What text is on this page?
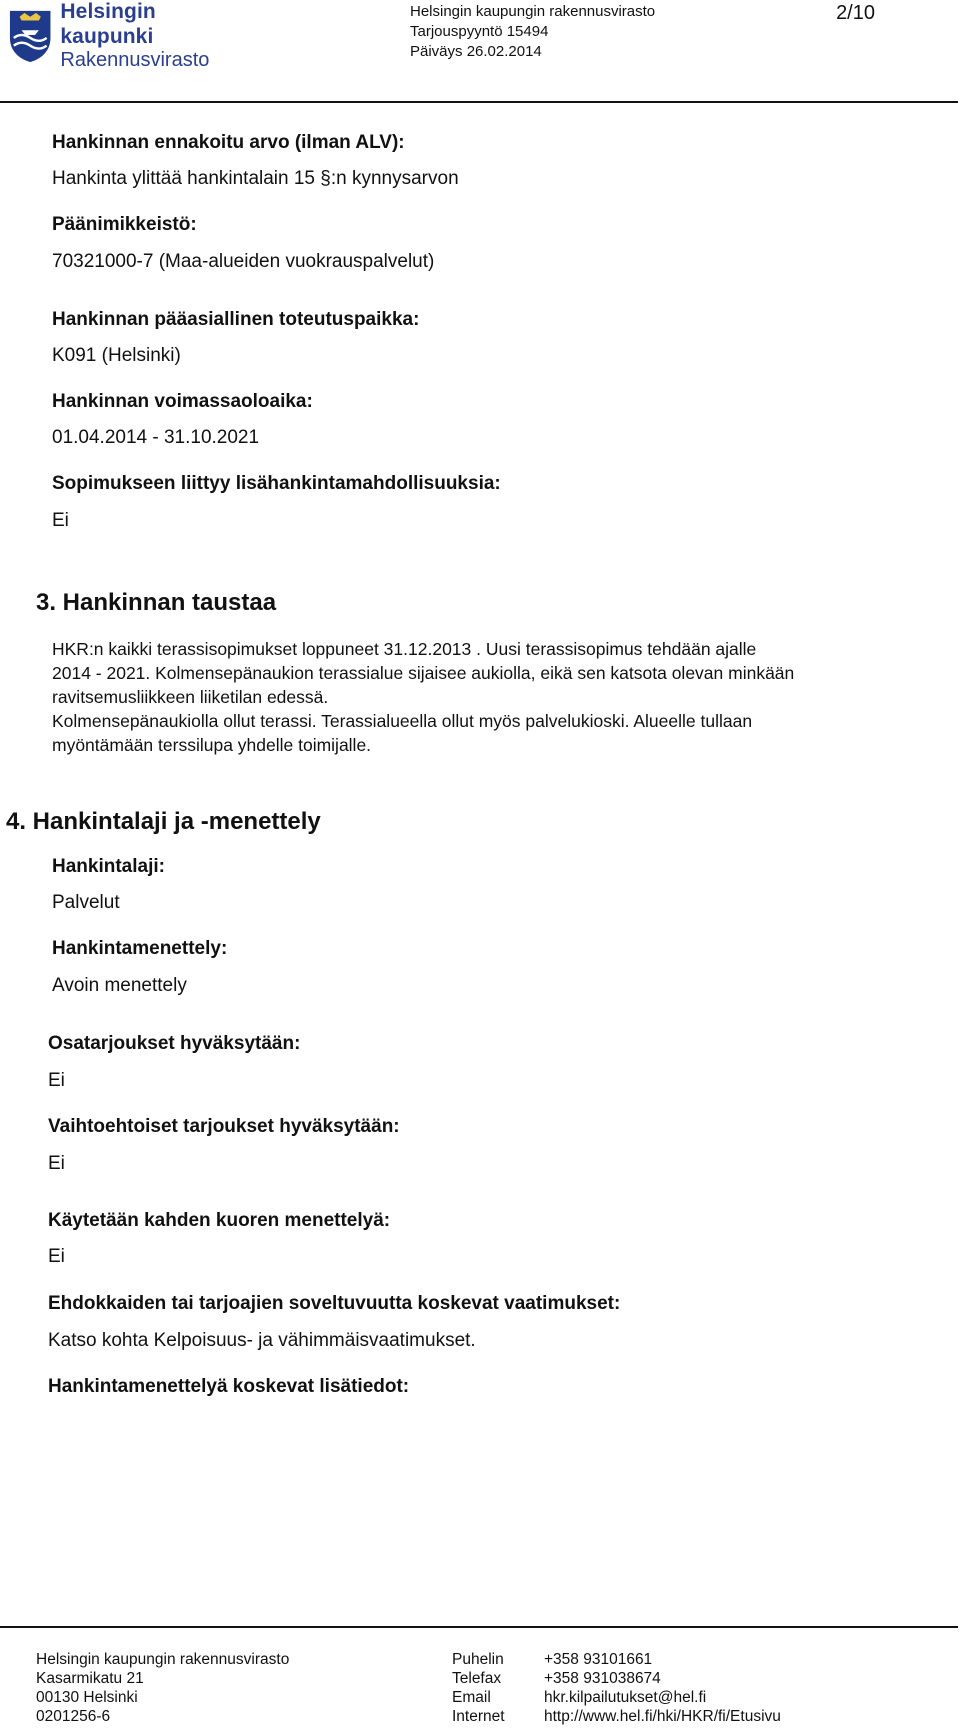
Helsingin kaupunki
Rakennusvirasto
Helsingin kaupungin rakennusvirasto
Tarjouspyyntö 15494
Päiväys 26.02.2014
2/10
Hankinnan ennakoitu arvo (ilman ALV):
Hankinta ylittää hankintalain 15 §:n kynnysarvon
Päänimikkeistö:
70321000-7 (Maa-alueiden vuokrauspalvelut)
Hankinnan pääasiallinen toteutuspaikka:
K091 (Helsinki)
Hankinnan voimassaoloaika:
01.04.2014 - 31.10.2021
Sopimukseen liittyy lisähankintamahdollisuuksia:
Ei
3. Hankinnan taustaa
HKR:n kaikki terassisopimukset loppuneet 31.12.2013 . Uusi terassisopimus tehdään ajalle
2014 - 2021. Kolmensepänaukion terassialue sijaisee aukiolla, eikä sen katsota olevan minkään
ravitsemusliikkeen liiketilan edessä.
Kolmensepänaukiolla ollut terassi. Terassialueella ollut myös palvelukioski. Alueelle tullaan
myöntämään terssilupa yhdelle toimijalle.
4. Hankintalaji ja -menettely
Hankintalaji:
Palvelut
Hankintamenettely:
Avoin menettely
Osatarjoukset hyväksytään:
Ei
Vaihtoehtoiset tarjoukset hyväksytään:
Ei
Käytetään kahden kuoren menettelyä:
Ei
Ehdokkaiden tai tarjoajien soveltuvuutta koskevat vaatimukset:
Katso kohta Kelpoisuus- ja vähimmäisvaatimukset.
Hankintamenettelyä koskevat lisätiedot:
Helsingin kaupungin rakennusvirasto
Kasarmikatu 21
00130 Helsinki
0201256-6
Puhelin
Telefax
Email
Internet
+358 93101661
+358 931038674
hkr.kilpailutukset@hel.fi
http://www.hel.fi/hki/HKR/fi/Etusivu
